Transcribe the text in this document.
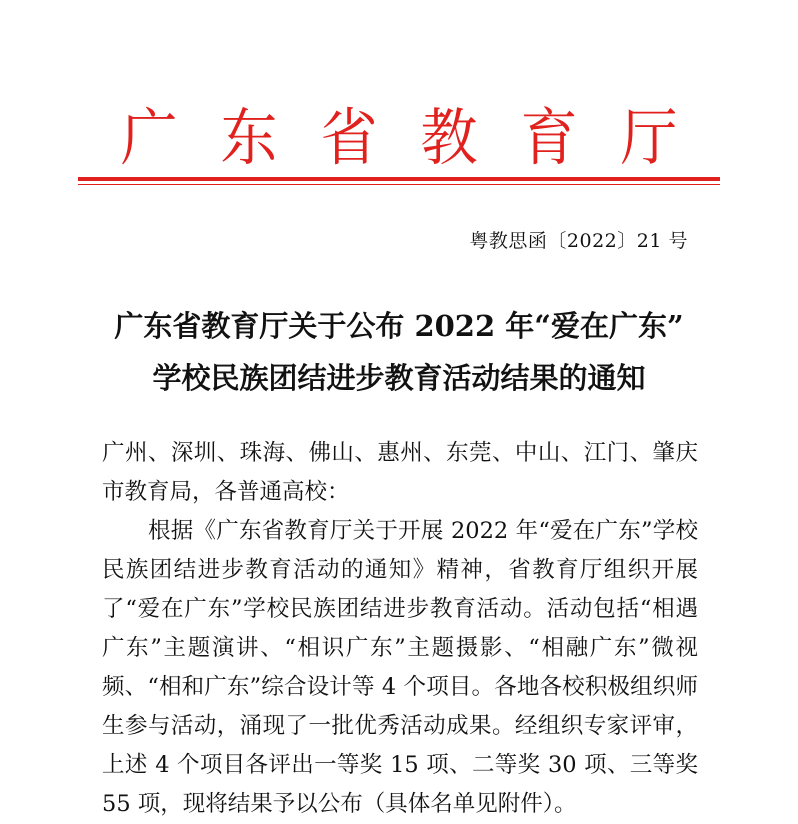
广 东 省 教 育 厅
粤教思函〔2022〕21 号
广东省教育厅关于公布 2022 年“爱在广东”
学校民族团结进步教育活动结果的通知

广州、深圳、珠海、佛山、惠州、东莞、中山、江门、肇庆市教育局，各普通高校：

根据《广东省教育厅关于开展 2022 年“爱在广东”学校民族团结进步教育活动的通知》精神，省教育厅组织开展了“爱在广东”学校民族团结进步教育活动。活动包括“相遇广东”主题演讲、“相识广东”主题摄影、“相融广东”微视频、“相和广东”综合设计等 4 个项目。各地各校积极组织师生参与活动，涌现了一批优秀活动成果。经组织专家评审，上述 4 个项目各评出一等奖 15 项、二等奖 30 项、三等奖 55 项，现将结果予以公布（具体名单见附件）。
